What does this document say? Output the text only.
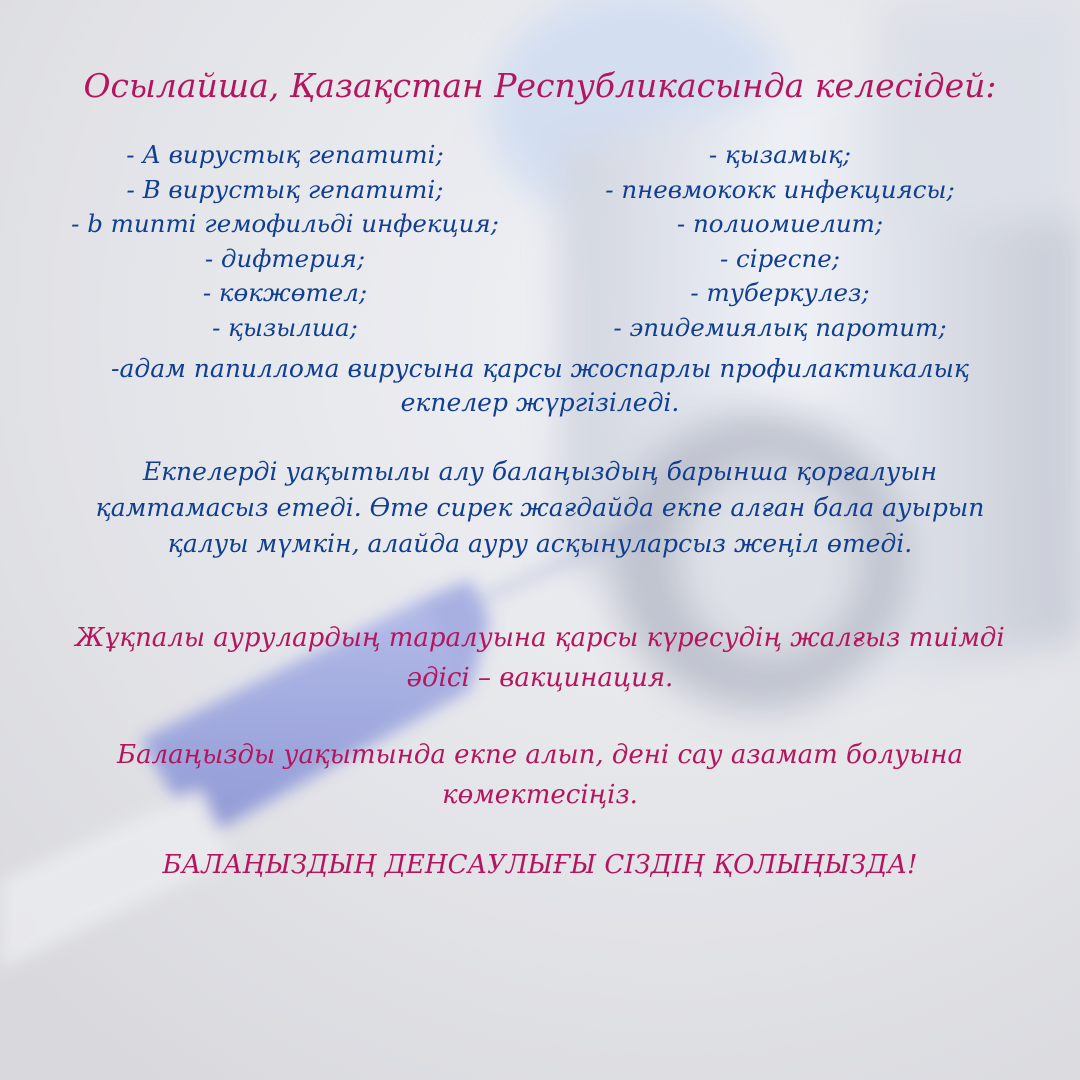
Осылайша, Қазақстан Республикасында келесідей:

- А вирустық гепатиті;
- В вирустық гепатиті;
- b типті гемофильді инфекция;
- дифтерия;
- көкжөтел;
- қызылша;
- қызамық;
- пневмококк инфекциясы;
- полиомиелит;
- сіреспе;
- туберкулез;
- эпидемиялық паротит;

-адам папиллома вирусына қарсы жоспарлы профилактикалық
екпелер жүргізіледі.

Екпелерді уақытылы алу балаңыздың барынша қорғалуын
қамтамасыз етеді. Өте сирек жағдайда екпе алған бала ауырып
қалуы мүмкін, алайда ауру асқынуларсыз жеңіл өтеді.

Жұқпалы аурулардың таралуына қарсы күресудің жалғыз тиімді
әдісі – вакцинация.

Балаңызды уақытында екпе алып, дені сау азамат болуына
көмектесіңіз.

БАЛАҢЫЗДЫҢ ДЕНСАУЛЫҒЫ СІЗДІҢ ҚОЛЫҢЫЗДА!
